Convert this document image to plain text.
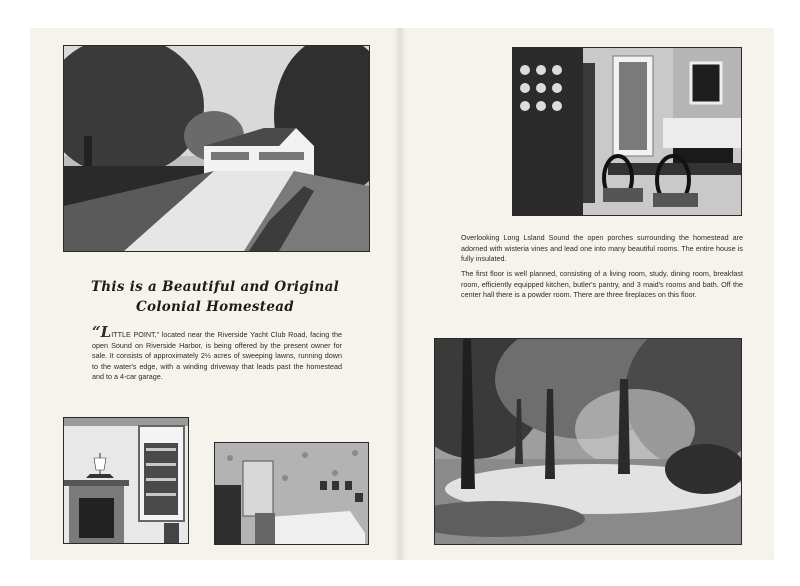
This is a Beautiful and Original
Colonial Homestead
“LITTLE POINT,” located near the Riverside Yacht Club Road, facing the open Sound on Riverside Harbor, is being offered by the present owner for sale. It consists of approximately 2½ acres of sweeping lawns, running down to the water's edge, with a winding driveway that leads past the homestead and to a 4-car garage.
Overlooking Long Lsland Sound the open porches surrounding the homestead are adorned with wisteria vines and lead one into many beautiful rooms. The entire house is fully insulated.
The first floor is well planned, consisting of a living room, study, dining room, breakfast room, efficiently equipped kitchen, butler's pantry, and 3 maid's rooms and bath. Off the center hall there is a powder room. There are three fireplaces on this floor.
